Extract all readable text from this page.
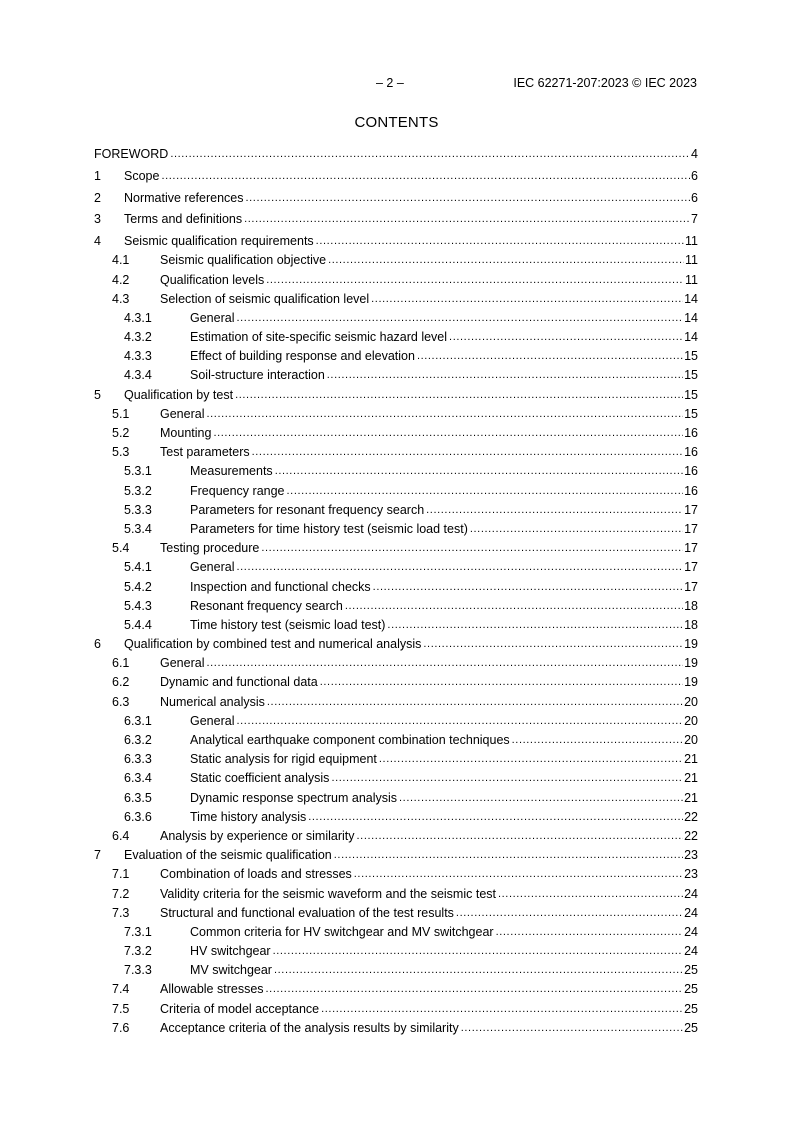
– 2 –	IEC 62271-207:2023 © IEC 2023
CONTENTS
FOREWORD .....	4
1	Scope .....	6
2	Normative references .....	6
3	Terms and definitions .....	7
4	Seismic qualification requirements .....	11
4.1	Seismic qualification objective .....	11
4.2	Qualification levels .....	11
4.3	Selection of seismic qualification level .....	14
4.3.1	General .....	14
4.3.2	Estimation of site-specific seismic hazard level .....	14
4.3.3	Effect of building response and elevation .....	15
4.3.4	Soil-structure interaction .....	15
5	Qualification by test .....	15
5.1	General .....	15
5.2	Mounting .....	16
5.3	Test parameters .....	16
5.3.1	Measurements .....	16
5.3.2	Frequency range .....	16
5.3.3	Parameters for resonant frequency search .....	17
5.3.4	Parameters for time history test (seismic load test) .....	17
5.4	Testing procedure .....	17
5.4.1	General .....	17
5.4.2	Inspection and functional checks .....	17
5.4.3	Resonant frequency search .....	18
5.4.4	Time history test (seismic load test) .....	18
6	Qualification by combined test and numerical analysis .....	19
6.1	General .....	19
6.2	Dynamic and functional data .....	19
6.3	Numerical analysis .....	20
6.3.1	General .....	20
6.3.2	Analytical earthquake component combination techniques .....	20
6.3.3	Static analysis for rigid equipment .....	21
6.3.4	Static coefficient analysis .....	21
6.3.5	Dynamic response spectrum analysis .....	21
6.3.6	Time history analysis .....	22
6.4	Analysis by experience or similarity .....	22
7	Evaluation of the seismic qualification .....	23
7.1	Combination of loads and stresses .....	23
7.2	Validity criteria for the seismic waveform and the seismic test .....	24
7.3	Structural and functional evaluation of the test results .....	24
7.3.1	Common criteria for HV switchgear and MV switchgear .....	24
7.3.2	HV switchgear .....	24
7.3.3	MV switchgear .....	25
7.4	Allowable stresses .....	25
7.5	Criteria of model acceptance .....	25
7.6	Acceptance criteria of the analysis results by similarity .....	25
